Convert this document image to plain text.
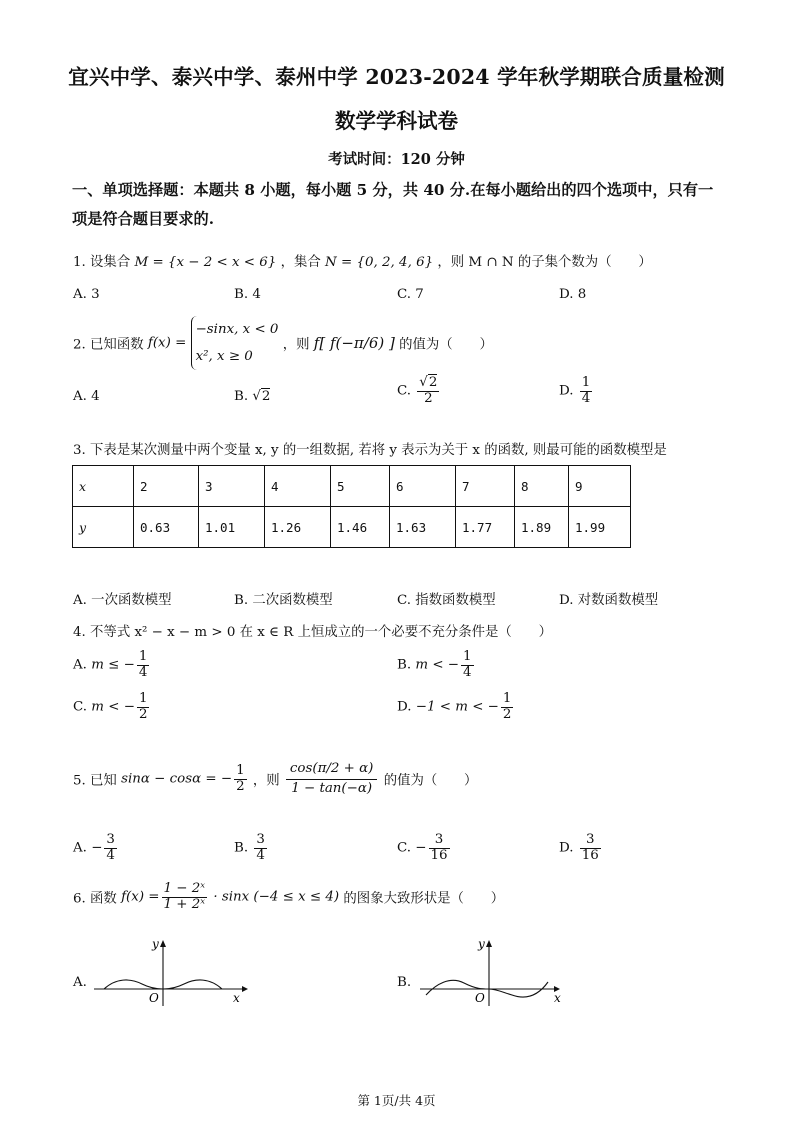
宜兴中学、泰兴中学、泰州中学 2023-2024 学年秋学期联合质量检测
数学学科试卷
考试时间：120 分钟
一、单项选择题：本题共 8 小题，每小题 5 分，共 40 分.在每小题给出的四个选项中，只有一项是符合题目要求的.
1. 设集合 M = {x − 2 < x < 6} ，集合 N = {0, 2, 4, 6} ，则 M ∩ N 的子集个数为（　　）
A. 3	B. 4	C. 7	D. 8
2. 已知函数 f(x) =
−sinx, x < 0
x², x ≥ 0
，则 f[ f(−π/6) ] 的值为（　　）
A. 4	B. √2	C. $\frac{√2}{2}$	D. $\frac{1}{4}$
3. 下表是某次测量中两个变量 x, y 的一组数据, 若将 y 表示为关于 x 的函数, 则最可能的函数模型是
x	2	3	4	5	6	7	8	9
y	0.63	1.01	1.26	1.46	1.63	1.77	1.89	1.99
A. 一次函数模型	B. 二次函数模型	C. 指数函数模型	D. 对数函数模型
4. 不等式 x² − x − m > 0 在 x ∈ R 上恒成立的一个必要不充分条件是（　　）
A. m ≤ − $\frac{1}{4}$	B. m < − $\frac{1}{4}$
C. m < − $\frac{1}{2}$	D. −1 < m < − $\frac{1}{2}$
5. 已知 sinα − cosα = − $\frac{1}{2}$ ，则 $\frac{\cos(\pi/2 + \alpha)}{1 - \tan(-\alpha)}$ 的值为（　　）
A. − $\frac{3}{4}$	B. $\frac{3}{4}$	C. − $\frac{3}{16}$	D. $\frac{3}{16}$
6. 函数 $f(x) = \frac{\text{1 − 2ˣ}}{\text{1 + 2ˣ}} \cdot \sin x$ (−4 ≤ x ≤ 4) 的图象大致形状是（　　）
A.
y
x
O
B.
y
x
O
第 1页/共 4页
